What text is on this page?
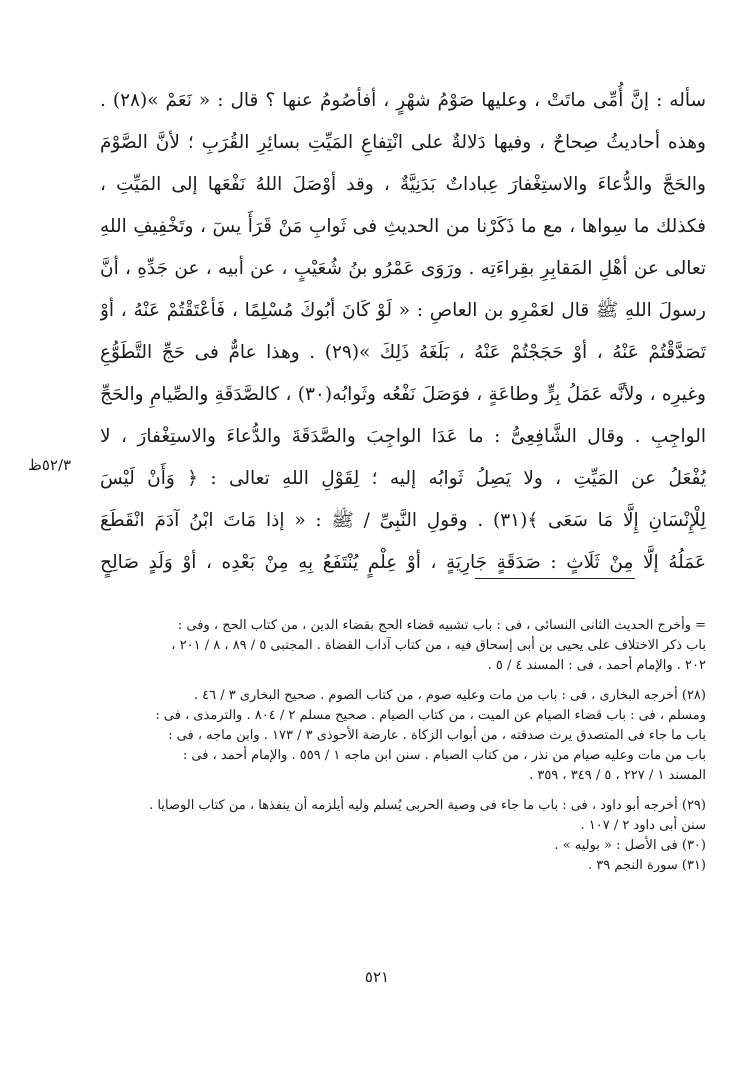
سأله : إنَّ أُمِّى ماتَتْ ، وعليها صَوْمُ شهْرٍ ، أفأصُومُ عنها ؟ قال : « نَعَمْ »(٢٨) .
وهذه أحاديثُ صِحاحٌ ، وفيها دَلالةٌ على انْتِفاعِ المَيِّتِ بسائِرِ القُرَبِ ؛ لأنَّ الصَّوْمَ
والحَجَّ والدُّعاءَ والاستِغْفارَ عِباداتٌ بَدَنِيَّةٌ ، وقد أوْصَلَ اللهُ نَفْعَها إلى المَيِّتِ ،
فكذلك ما سِواها ، مع ما ذَكَرْنا من الحديثِ فى ثَوابِ مَنْ قَرَأَ يسٓ ، وتَخْفِيفِ اللهِ
تعالى عن أهْلِ المَقابِرِ بقِراءَتِه . ورَوَى عَمْرُو بنُ شُعَيْبٍ ، عن أبيه ، عن جَدِّهِ ، أنَّ
رسولَ اللهِ ﷺ قال لعَمْرِو بن العاصِ : « لَوْ كَانَ أبُوكَ مُسْلِمًا ، فَأعْتَقْتُمْ عَنْهُ ، أوْ
تَصَدَّقْتُمْ عَنْهُ ، أوْ حَجَجْتُمْ عَنْهُ ، بَلَغَهُ ذَلِكَ »(٢٩) . وهذا عامٌّ فى حَجِّ التَّطَوُّعِ
وغيرِه ، ولأنَّه عَمَلُ بِرٍّ وطاعَةٍ ، فوَصَلَ نَفْعُه وثَوابُه(٣٠) ، كالصَّدَقَةِ والصِّيامِ والحَجِّ
الواجِبِ . وقال الشَّافِعِىُّ : ما عَدَا الواجِبَ والصَّدَقَةَ والدُّعاءَ والاستِغْفارَ ، لا
يُفْعَلُ عن المَيِّتِ ، ولا يَصِلُ ثَوابُه إليه ؛ لِقَوْلِ اللهِ تعالى : ﴿ وَأَنْ لَيْسَ
لِلْإِنْسَانِ إِلَّا مَا سَعَى ﴾(٣١) . وقولِ النَّبِىِّ / ﷺ : « إذا مَاتَ ابْنُ آدَمَ انْقَطَعَ
عَمَلُهُ إلَّا مِنْ ثَلَاثٍ : صَدَقَةٍ جَارِيَةٍ ، أوْ عِلْمٍ يُنْتَفَعُ بِهِ مِنْ بَعْدِه ، أوْ وَلَدٍ صَالِحٍ
٥٢/٣ظ
= وأخرج الحديث الثانى النسائى ، فى : باب تشبيه قضاء الحج بقضاء الدين ، من كتاب الحج ، وفى :
باب ذكر الاختلاف على يحيى بن أبى إسحاق فيه ، من كتاب آداب القضاة . المجتبى ٥ / ٨٩ ، ٨ / ٢٠١ ،
٢٠٢ . والإمام أحمد ، فى : المسند ٤ / ٥ .
(٢٨) أخرجه البخارى ، فى : باب من مات وعليه صوم ، من كتاب الصوم . صحيح البخارى ٣ / ٤٦ .
ومسلم ، فى : باب قضاء الصيام عن الميت ، من كتاب الصيام . صحيح مسلم ٢ / ٨٠٤ . والترمذى ، فى :
باب ما جاء فى المتصدق يرث صدقته ، من أبواب الزكاة . عارضة الأحوذى ٣ / ١٧٣ . وابن ماجه ، فى :
باب من مات وعليه صيام من نذر ، من كتاب الصيام . سنن ابن ماجه ١ / ٥٥٩ . والإمام أحمد ، فى :
المسند ١ / ٢٢٧ ، ٥ / ٣٤٩ ، ٣٥٩ .
(٢٩) أخرجه أبو داود ، فى : باب ما جاء فى وصية الحربى يُسلم وليه أيلزمه أن ينفذها ، من كتاب الوصايا .
سنن أبى داود ٢ / ١٠٧ .
(٣٠) فى الأصل : « بوليه » .
(٣١) سورة النجم ٣٩ .
٥٢١
